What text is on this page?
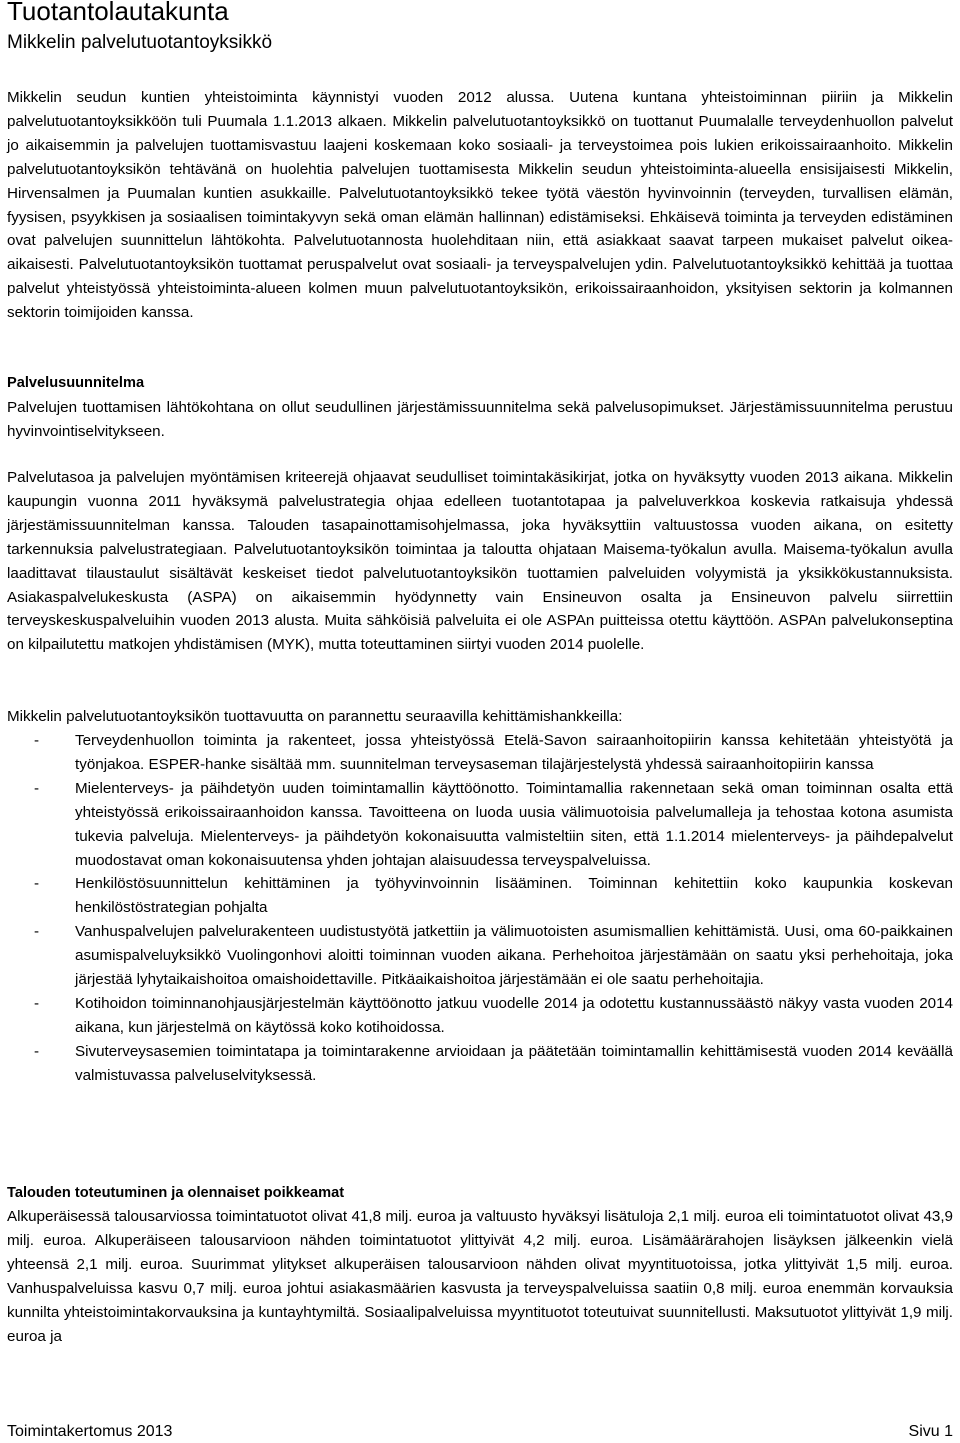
Tuotantolautakunta
Mikkelin palvelutuotantoyksikkö

Mikkelin seudun kuntien yhteistoiminta käynnistyi vuoden 2012 alussa. Uutena kuntana yhteistoiminnan piiriin ja Mikkelin palvelutuotantoyksikköön tuli Puumala 1.1.2013 alkaen. Mikkelin palvelutuotantoyksikkö on tuottanut Puumalalle terveydenhuollon palvelut jo aikaisemmin ja palvelujen tuottamisvastuu laajeni koskemaan koko sosiaali- ja terveystoimea pois lukien erikoissairaanhoito. Mikkelin palvelutuotantoyksikön tehtävänä on huolehtia palvelujen tuottamisesta Mikkelin seudun yhteistoiminta-alueella ensisijaisesti Mikkelin, Hirvensalmen ja Puumalan kuntien asukkaille. Palvelutuotantoyksikkö tekee työtä väestön hyvinvoinnin (terveyden, turvallisen elämän, fyysisen, psyykkisen ja sosiaalisen toimintakyvyn sekä oman elämän hallinnan) edistämiseksi. Ehkäisevä toiminta ja terveyden edistäminen ovat palvelujen suunnittelun lähtökohta. Palvelutuotannosta huolehditaan niin, että asiakkaat saavat tarpeen mukaiset palvelut oikea-aikaisesti. Palvelutuotantoyksikön tuottamat peruspalvelut ovat sosiaali- ja terveyspalvelujen ydin. Palvelutuotantoyksikkö kehittää ja tuottaa palvelut yhteistyössä yhteistoiminta-alueen kolmen muun palvelutuotantoyksikön, erikoissairaanhoidon, yksityisen sektorin ja kolmannen sektorin toimijoiden kanssa.

Palvelusuunnitelma

Palvelujen tuottamisen lähtökohtana on ollut seudullinen järjestämissuunnitelma sekä palvelusopimukset. Järjestämissuunnitelma perustuu hyvinvointiselvitykseen.

Palvelutasoa ja palvelujen myöntämisen kriteerejä ohjaavat seudulliset toimintakäsikirjat, jotka on hyväksytty vuoden 2013 aikana. Mikkelin kaupungin vuonna 2011 hyväksymä palvelustrategia ohjaa edelleen tuotantotapaa ja palveluverkkoa koskevia ratkaisuja yhdessä järjestämissuunnitelman kanssa. Talouden tasapainottamisohjelmassa, joka hyväksyttiin valtuustossa vuoden aikana, on esitetty tarkennuksia palvelustrategiaan. Palvelutuotantoyksikön toimintaa ja taloutta ohjataan Maisema-työkalun avulla. Maisema-työkalun avulla laadittavat tilaustaulut sisältävät keskeiset tiedot palvelutuotantoyksikön tuottamien palveluiden volyymistä ja yksikkökustannuksista. Asiakaspalvelukeskusta (ASPA) on aikaisemmin hyödynnetty vain Ensineuvon osalta ja Ensineuvon palvelu siirrettiin terveyskeskuspalveluihin vuoden 2013 alusta. Muita sähköisiä palveluita ei ole ASPAn puitteissa otettu käyttöön. ASPAn palvelukonseptina on kilpailutettu matkojen yhdistämisen (MYK), mutta toteuttaminen siirtyi vuoden 2014 puolelle.

Mikkelin palvelutuotantoyksikön tuottavuutta on parannettu seuraavilla kehittämishankkeilla:

- Terveydenhuollon toiminta ja rakenteet, jossa yhteistyössä Etelä-Savon sairaanhoitopiirin kanssa kehitetään yhteistyötä ja työnjakoa. ESPER-hanke sisältää mm. suunnitelman terveysaseman tilajärjestelystä yhdessä sairaanhoitopiirin kanssa
- Mielenterveys- ja päihdetyön uuden toimintamallin käyttöönotto. Toimintamallia rakennetaan sekä oman toiminnan osalta että yhteistyössä erikoissairaanhoidon kanssa. Tavoitteena on luoda uusia välimuotoisia palvelumalleja ja tehostaa kotona asumista tukevia palveluja. Mielenterveys- ja päihdetyön kokonaisuutta valmisteltiin siten, että 1.1.2014 mielenterveys- ja päihdepalvelut muodostavat oman kokonaisuutensa yhden johtajan alaisuudessa terveyspalveluissa.
- Henkilöstösuunnittelun kehittäminen ja työhyvinvoinnin lisääminen. Toiminnan kehitettiin koko kaupunkia koskevan henkilöstöstrategian pohjalta
- Vanhuspalvelujen palvelurakenteen uudistustyötä jatkettiin ja välimuotoisten asumismallien kehittämistä. Uusi, oma 60-paikkainen asumispalveluyksikkö Vuolingonhovi aloitti toiminnan vuoden aikana. Perhehoitoa järjestämään on saatu yksi perhehoitaja, joka järjestää lyhytaikaishoitoa omaishoidettaville. Pitkäaikaishoitoa järjestämään ei ole saatu perhehoitajia.
- Kotihoidon toiminnanohjausjärjestelmän käyttöönotto jatkuu vuodelle 2014 ja odotettu kustannussäästö näkyy vasta vuoden 2014 aikana, kun järjestelmä on käytössä koko kotihoidossa.
- Sivuterveysasemien toimintatapa ja toimintarakenne arvioidaan ja päätetään toimintamallin kehittämisestä vuoden 2014 keväällä valmistuvassa palveluselvityksessä.
Talouden toteutuminen ja olennaiset poikkeamat

Alkuperäisessä talousarviossa toimintatuotot olivat 41,8 milj. euroa ja valtuusto hyväksyi lisätuloja 2,1 milj. euroa eli toimintatuotot olivat 43,9 milj. euroa. Alkuperäiseen talousarvioon nähden toimintatuotot ylittyivät 4,2 milj. euroa. Lisämäärärahojen lisäyksen jälkeenkin vielä yhteensä 2,1 milj. euroa. Suurimmat ylitykset alkuperäisen talousarvioon nähden olivat myyntituotoissa, jotka ylittyivät 1,5 milj. euroa. Vanhuspalveluissa kasvu 0,7 milj. euroa johtui asiakasmäärien kasvusta ja terveyspalveluissa saatiin 0,8 milj. euroa enemmän korvauksia kunnilta yhteistoimintakorvauksina ja kuntayhtymiltä. Sosiaalipalveluissa myyntituotot toteutuivat suunnitellusti. Maksutuotot ylittyivät 1,9 milj. euroa ja

Toimintakertomus 2013	Sivu 1
